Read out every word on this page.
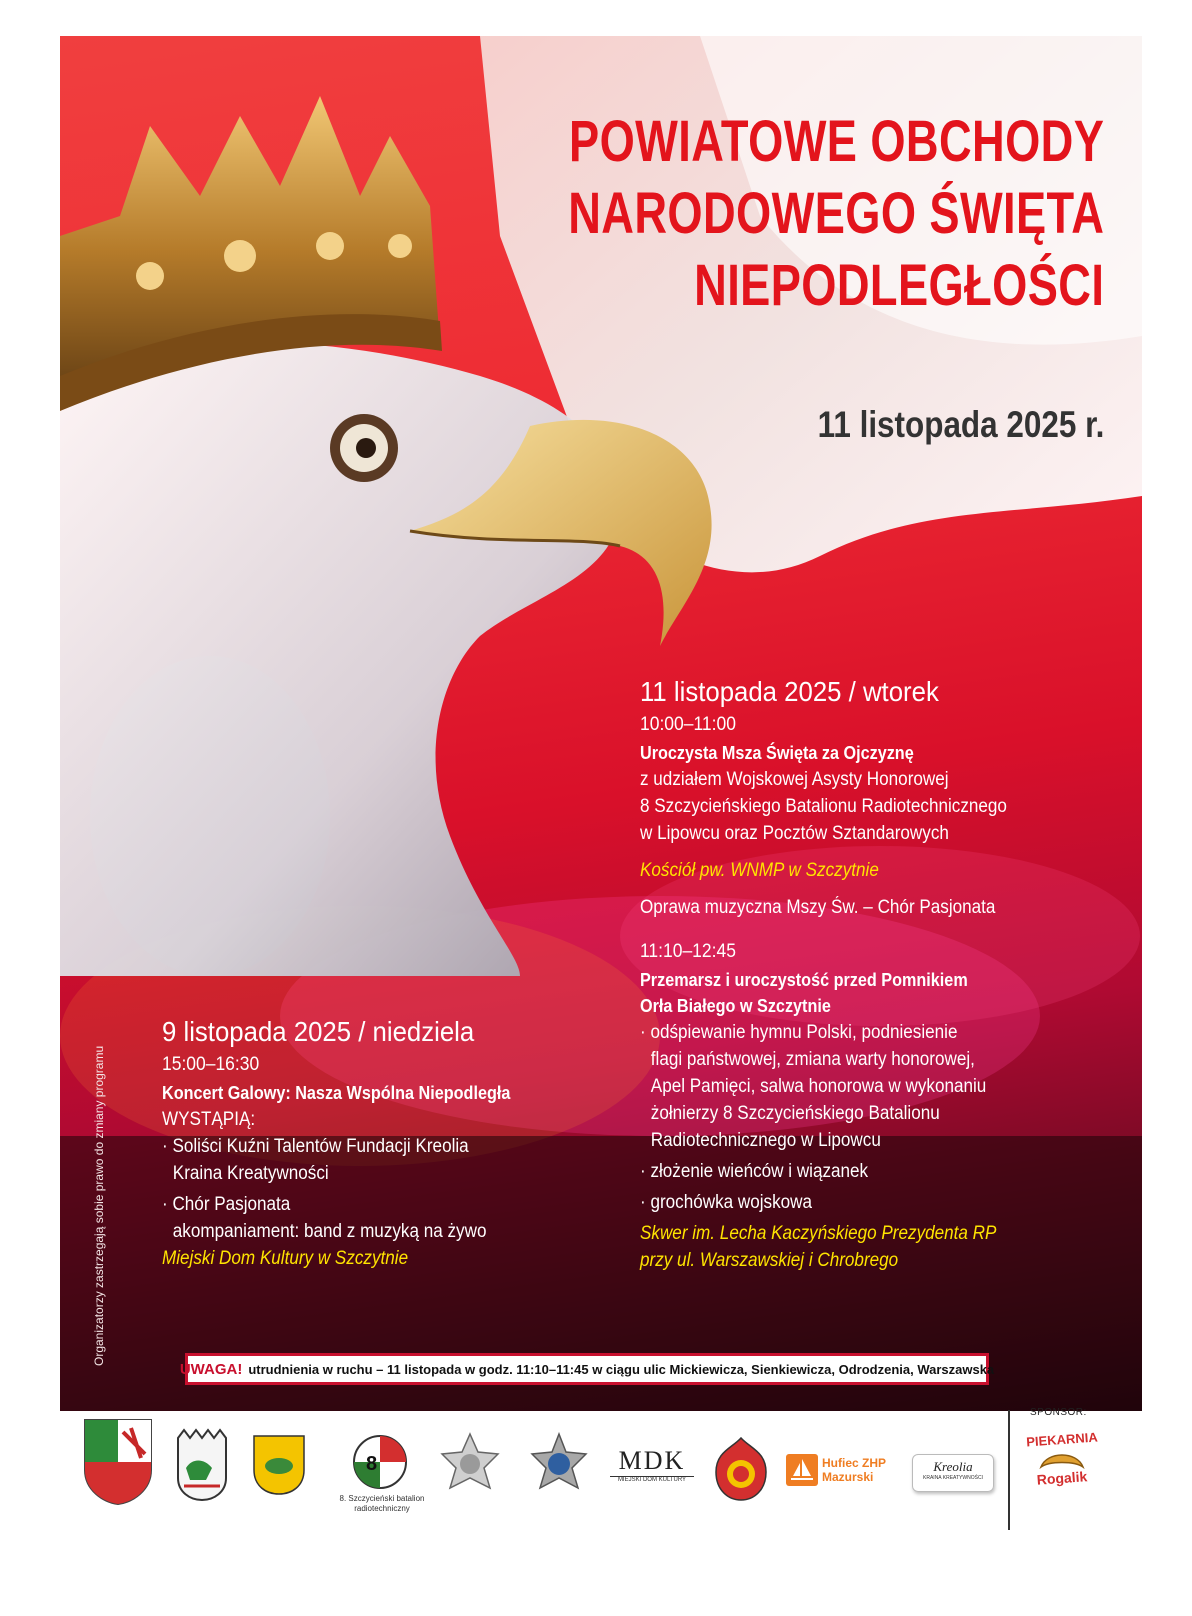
POWIATOWE OBCHODY
NARODOWEGO ŚWIĘTA
NIEPODLEGŁOŚCI
11 listopada 2025 r.
11 listopada 2025 / wtorek
10:00–11:00
Uroczysta Msza Święta za Ojczyznę
z udziałem Wojskowej Asysty Honorowej
8 Szczycieńskiego Batalionu Radiotechnicznego
w Lipowcu oraz Pocztów Sztandarowych
Kościół pw. WNMP w Szczytnie
Oprawa muzyczna Mszy Św. – Chór Pasjonata
11:10–12:45
Przemarsz i uroczystość przed Pomnikiem
Orła Białego w Szczytnie
· odśpiewanie hymnu Polski, podniesienie
flagi państwowej, zmiana warty honorowej,
Apel Pamięci, salwa honorowa w wykonaniu
żołnierzy 8 Szczycieńskiego Batalionu
Radiotechnicznego w Lipowcu
· złożenie wieńców i wiązanek
· grochówka wojskowa
Skwer im. Lecha Kaczyńskiego Prezydenta RP
przy ul. Warszawskiej i Chrobrego
9 listopada 2025 / niedziela
15:00–16:30
Koncert Galowy: Nasza Wspólna Niepodległa
WYSTĄPIĄ:
· Soliści Kuźni Talentów Fundacji Kreolia
Kraina Kreatywności
· Chór Pasjonata
akompaniament: band z muzyką na żywo
Miejski Dom Kultury w Szczytnie
Organizatorzy zastrzegają sobie prawo do zmiany programu
UWAGA! utrudnienia w ruchu – 11 listopada w godz. 11:10–11:45 w ciągu ulic Mickiewicza, Sienkiewicza, Odrodzenia, Warszawska
8
8. Szczycieński batalion
radiotechniczny
MDK
MIEJSKI DOM KULTURY
Hufiec ZHP
Mazurski
Kreolia
KRAINA KREATYWNOŚCI
SPONSOR:
PIEKARNIA
Rogalik
